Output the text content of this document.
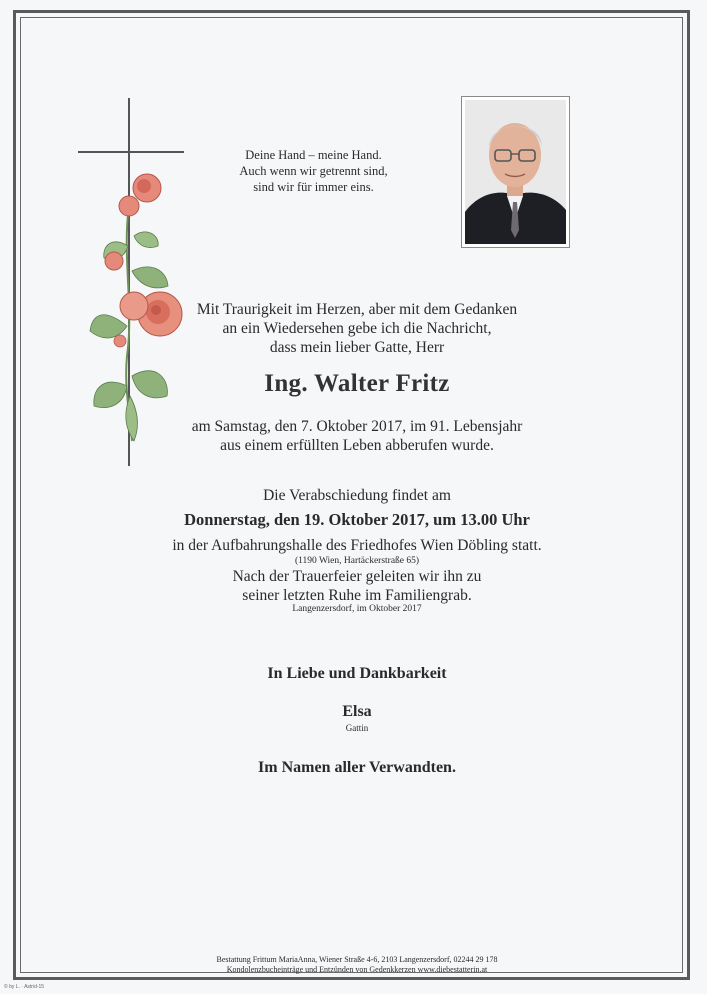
Deine Hand – meine Hand.
Auch wenn wir getrennt sind,
sind wir für immer eins.
Mit Traurigkeit im Herzen, aber mit dem Gedanken
an ein Wiedersehen gebe ich die Nachricht,
dass mein lieber Gatte, Herr
Ing. Walter Fritz
am Samstag, den 7. Oktober 2017, im 91. Lebensjahr
aus einem erfüllten Leben abberufen wurde.
Die Verabschiedung findet am
Donnerstag, den 19. Oktober 2017, um 13.00 Uhr
in der Aufbahrungshalle des Friedhofes Wien Döbling statt.
(1190 Wien, Hartäckerstraße 65)
Nach der Trauerfeier geleiten wir ihn zu
seiner letzten Ruhe im Familiengrab.
Langenzersdorf, im Oktober 2017
In Liebe und Dankbarkeit
Elsa
Gattin
Im Namen aller Verwandten.
Bestattung Frittum MariaAnna, Wiener Straße 4-6, 2103 Langenzersdorf, 02244 29 178
Kondolenzbucheinträge und Entzünden von Gedenkkerzen www.diebestatterin.at
© by L. · Astrid-15
